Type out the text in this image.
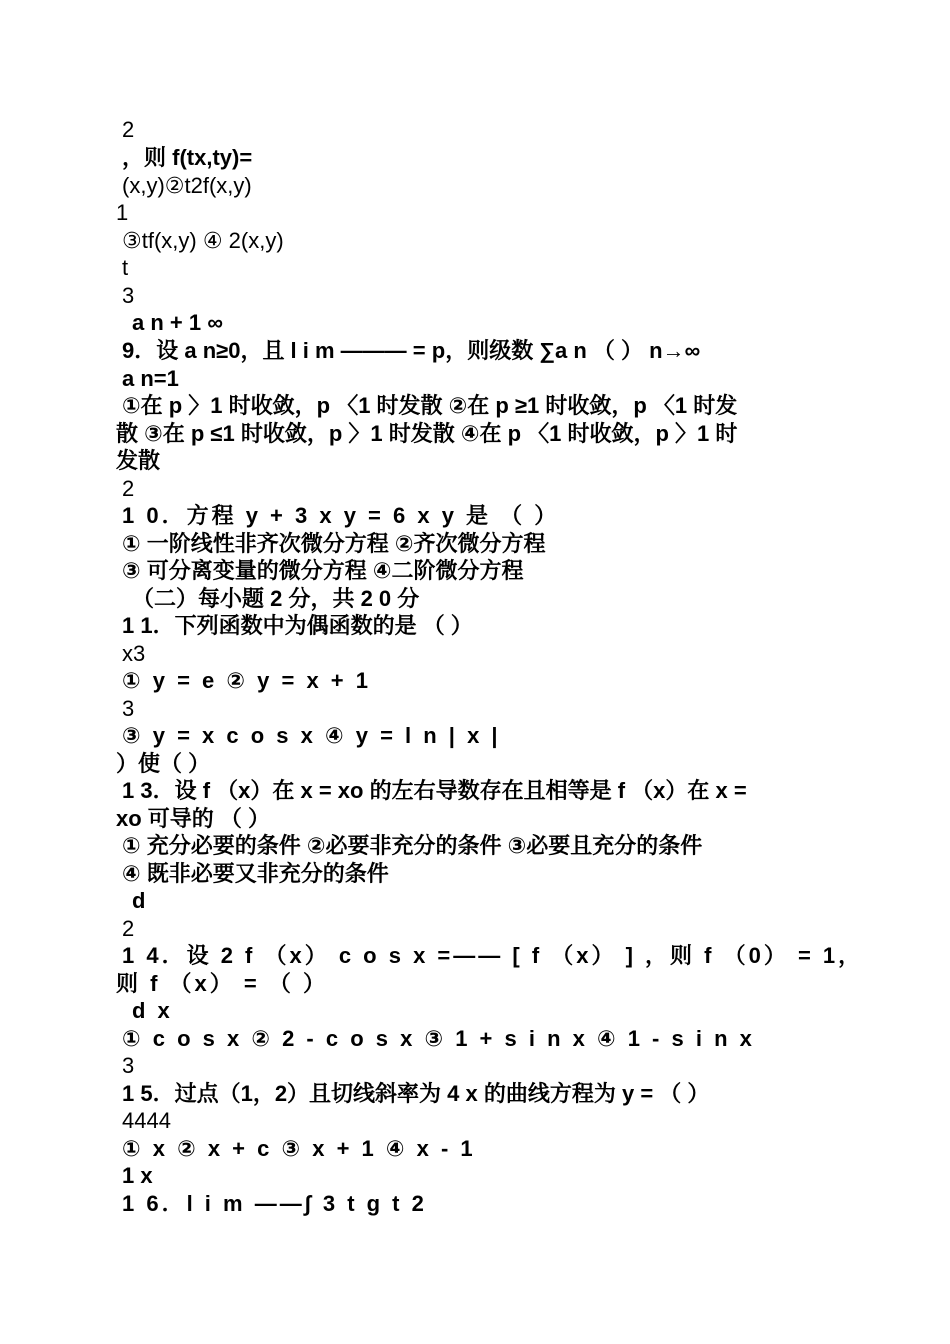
2
，则 f(tx,ty)=
(x,y)②t2f(x,y)
1
③tf(x,y) ④ 2(x,y)
t
3
a n + 1 ∞
9．设 a n≥0，且 l i m ——— = p，则级数 ∑a n （ ） n→∞
a n=1
①在 p 〉1 时收敛，p 〈1 时发散 ②在 p ≥1 时收敛，p 〈1 时发
散 ③在 p ≤1 时收敛，p 〉1 时发散 ④在 p 〈1 时收敛，p 〉1 时
发散
2
1 0．方程 y + 3 x y = 6 x y 是 （ ）
① 一阶线性非齐次微分方程 ②齐次微分方程
③ 可分离变量的微分方程 ④二阶微分方程
（二）每小题 2 分，共 2 0 分
1 1．下列函数中为偶函数的是 （ ）
x3
① y = e ② y = x + 1
3
③ y = x c o s x ④ y = l n | x |
）使（ ）
1 3．设 f （x）在 x = xo 的左右导数存在且相等是 f （x）在 x =
xo 可导的 （ ）
① 充分必要的条件 ②必要非充分的条件 ③必要且充分的条件
④ 既非必要又非充分的条件
d
2
1 4．设 2 f （x） c o s x =—— [ f （x） ] ，则 f （0） = 1，
则 f （x） = （ ）
d x
① c o s x ② 2 - c o s x ③ 1 + s i n x ④ 1 - s i n x
3
1 5．过点（1，2）且切线斜率为 4 x 的曲线方程为 y = （ ）
4444
① x ② x + c ③ x + 1 ④ x - 1
1 x
1 6．l i m ——∫ 3 t g t 2
